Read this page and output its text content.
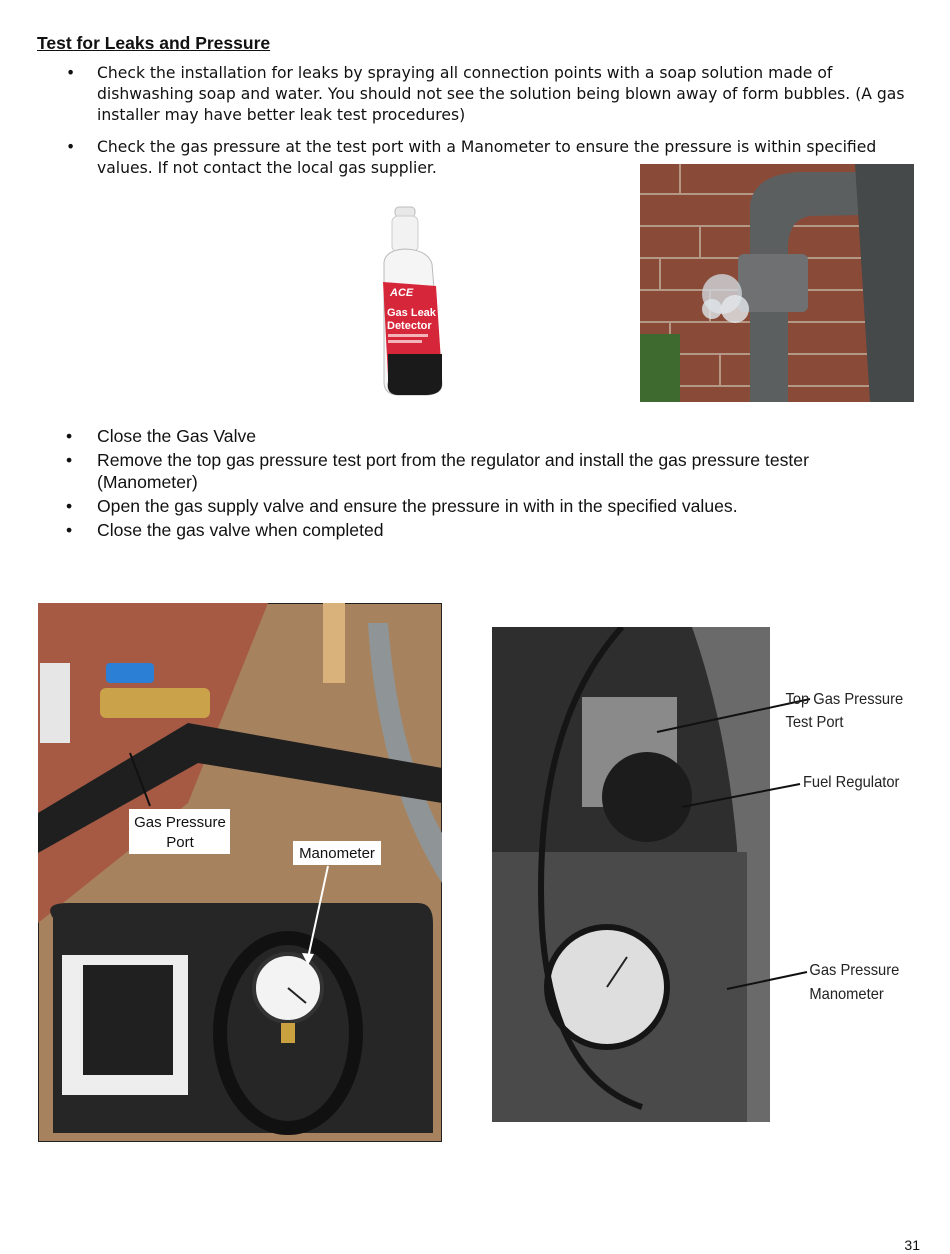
Test for Leaks and Pressure
• Check the installation for leaks by spraying all connection points with a soap solution made of dishwashing soap and water. You should not see the solution being blown away of form bubbles. (A gas installer may have better leak test procedures)
• Check the gas pressure at the test port with a Manometer to ensure the pressure is within specified values. If not contact the local gas supplier.
ACE
Gas Leak
Detector
• Close the Gas Valve
• Remove the top gas pressure test port from the regulator and install the gas pressure tester (Manometer)
• Open the gas supply valve and ensure the pressure in with in the specified values.
• Close the gas valve when completed
Gas Pressure
Port
Manometer
Top Gas Pressure
Test Port
Fuel Regulator
Gas Pressure
Manometer
31
